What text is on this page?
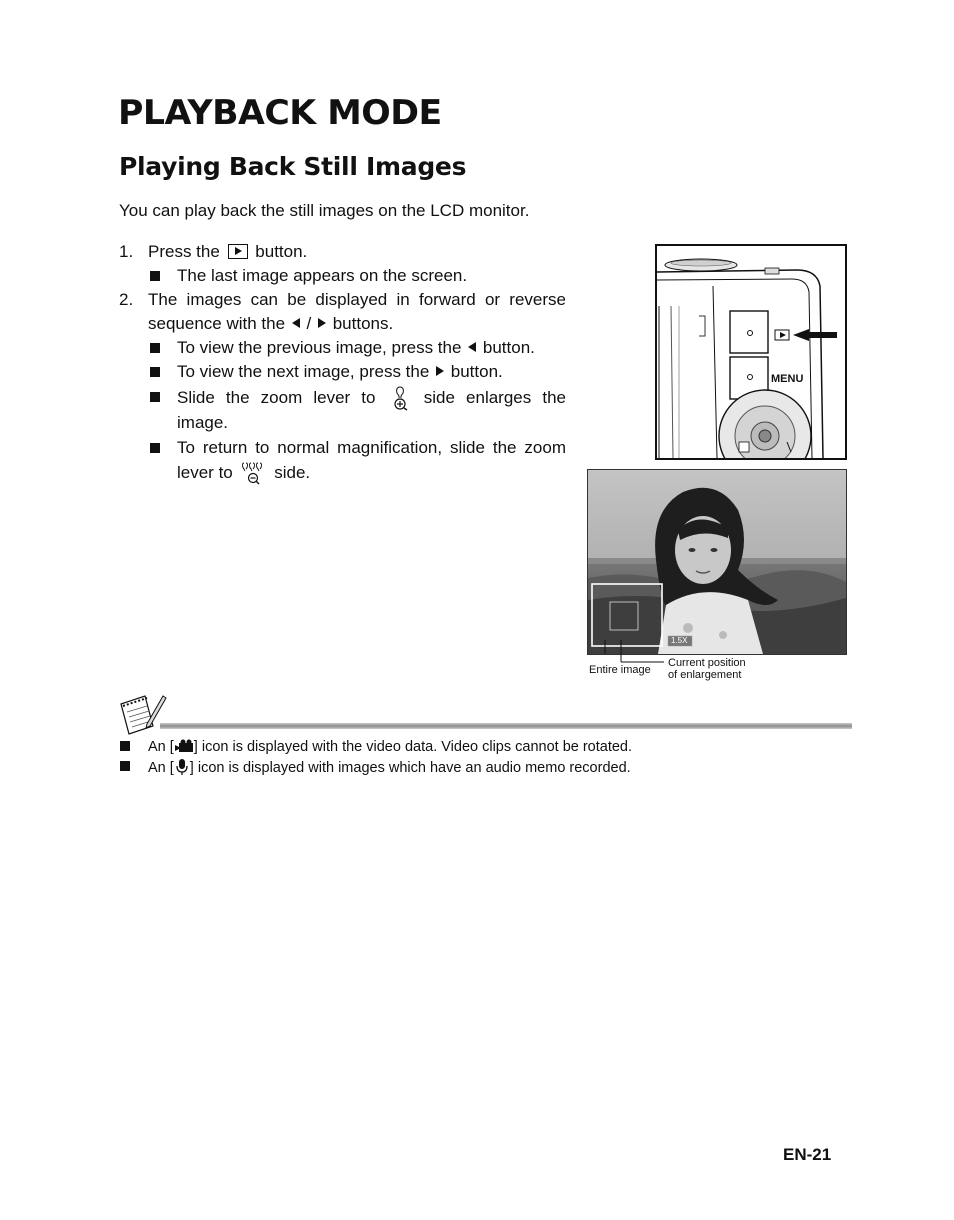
PLAYBACK MODE
Playing Back Still Images
You can play back the still images on the LCD monitor.
1. Press the button.
The last image appears on the screen.
2. The images can be displayed in forward or reverse sequence with the / buttons.
To view the previous image, press the button.
To view the next image, press the button.
Slide the zoom lever to	side enlarges the image.
To return to normal magnification, slide the zoom lever to side.
MENU
1.5X
Entire image
Current position of enlargement
An [ ] icon is displayed with the video data. Video clips cannot be rotated.
An [ ] icon is displayed with images which have an audio memo recorded.
EN-21
